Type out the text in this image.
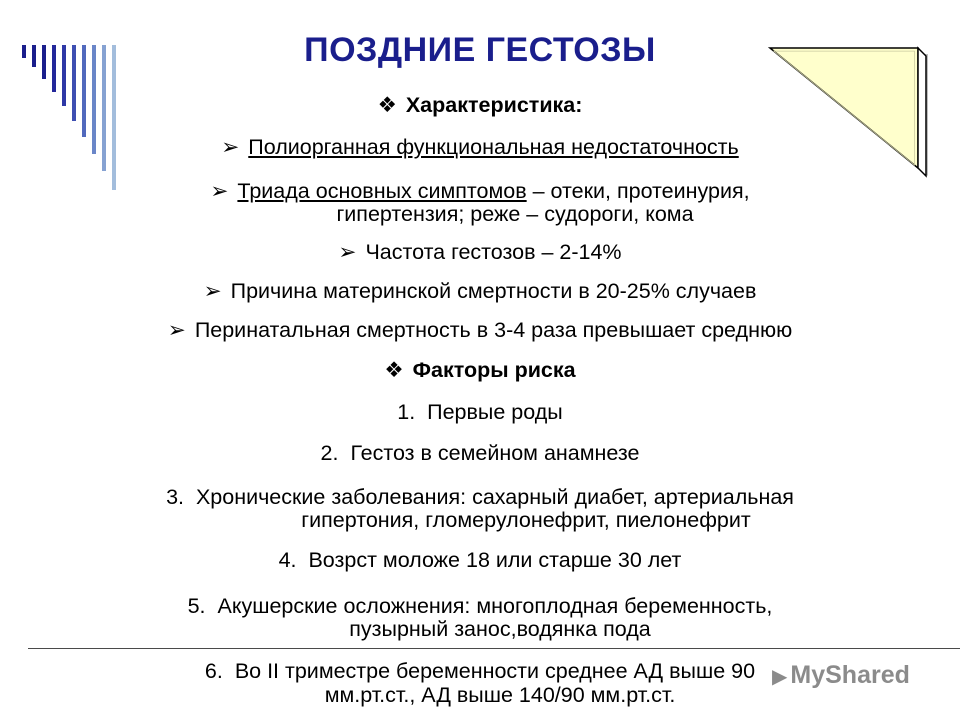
ПОЗДНИЕ ГЕСТОЗЫ
❖ Характеристика:
➢ Полиорганная функциональная недостаточность
➢ Триада основных симптомов – отеки, протеинурия,
гипертензия; реже – судороги, кома
➢ Частота гестозов – 2-14%
➢ Причина материнской смертности в 20-25% случаев
➢ Перинатальная смертность в 3-4 раза превышает среднюю
❖ Факторы риска
1. Первые роды
2. Гестоз в семейном анамнезе
3. Хронические заболевания: сахарный диабет, артериальная
гипертония, гломерулонефрит, пиелонефрит
4. Возрст моложе 18 или старше 30 лет
5. Акушерские осложнения: многоплодная беременность,
пузырный занос,водянка пода
6. Во II триместре беременности среднее АД выше 90
мм.рт.ст., АД выше 140/90 мм.рт.ст.
▶ MyShared
